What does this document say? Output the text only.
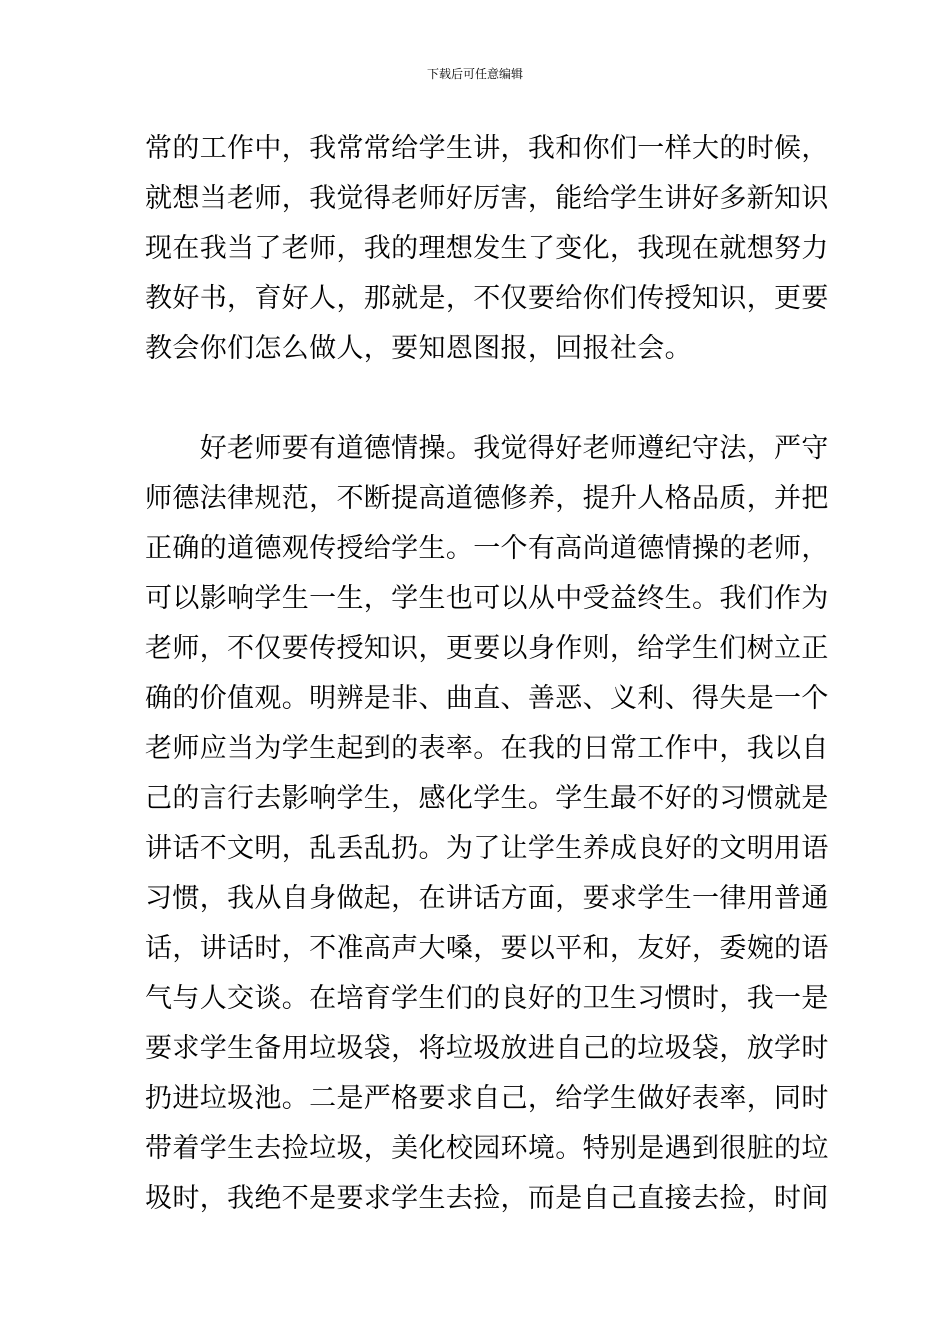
下载后可任意编辑
常的工作中，我常常给学生讲，我和你们一样大的时候，
就想当老师，我觉得老师好厉害，能给学生讲好多新知识
现在我当了老师，我的理想发生了变化，我现在就想努力
教好书，育好人，那就是，不仅要给你们传授知识，更要
教会你们怎么做人，要知恩图报，回报社会。
　　好老师要有道德情操。我觉得好老师遵纪守法，严守
师德法律规范，不断提高道德修养，提升人格品质，并把
正确的道德观传授给学生。一个有高尚道德情操的老师，
可以影响学生一生，学生也可以从中受益终生。我们作为
老师，不仅要传授知识，更要以身作则，给学生们树立正
确的价值观。明辨是非、曲直、善恶、义利、得失是一个
老师应当为学生起到的表率。在我的日常工作中，我以自
己的言行去影响学生，感化学生。学生最不好的习惯就是
讲话不文明，乱丢乱扔。为了让学生养成良好的文明用语
习惯，我从自身做起，在讲话方面，要求学生一律用普通
话，讲话时，不准高声大嗓，要以平和，友好，委婉的语
气与人交谈。在培育学生们的良好的卫生习惯时，我一是
要求学生备用垃圾袋，将垃圾放进自己的垃圾袋，放学时
扔进垃圾池。二是严格要求自己，给学生做好表率，同时
带着学生去捡垃圾，美化校园环境。特别是遇到很脏的垃
圾时，我绝不是要求学生去捡，而是自己直接去捡，时间
